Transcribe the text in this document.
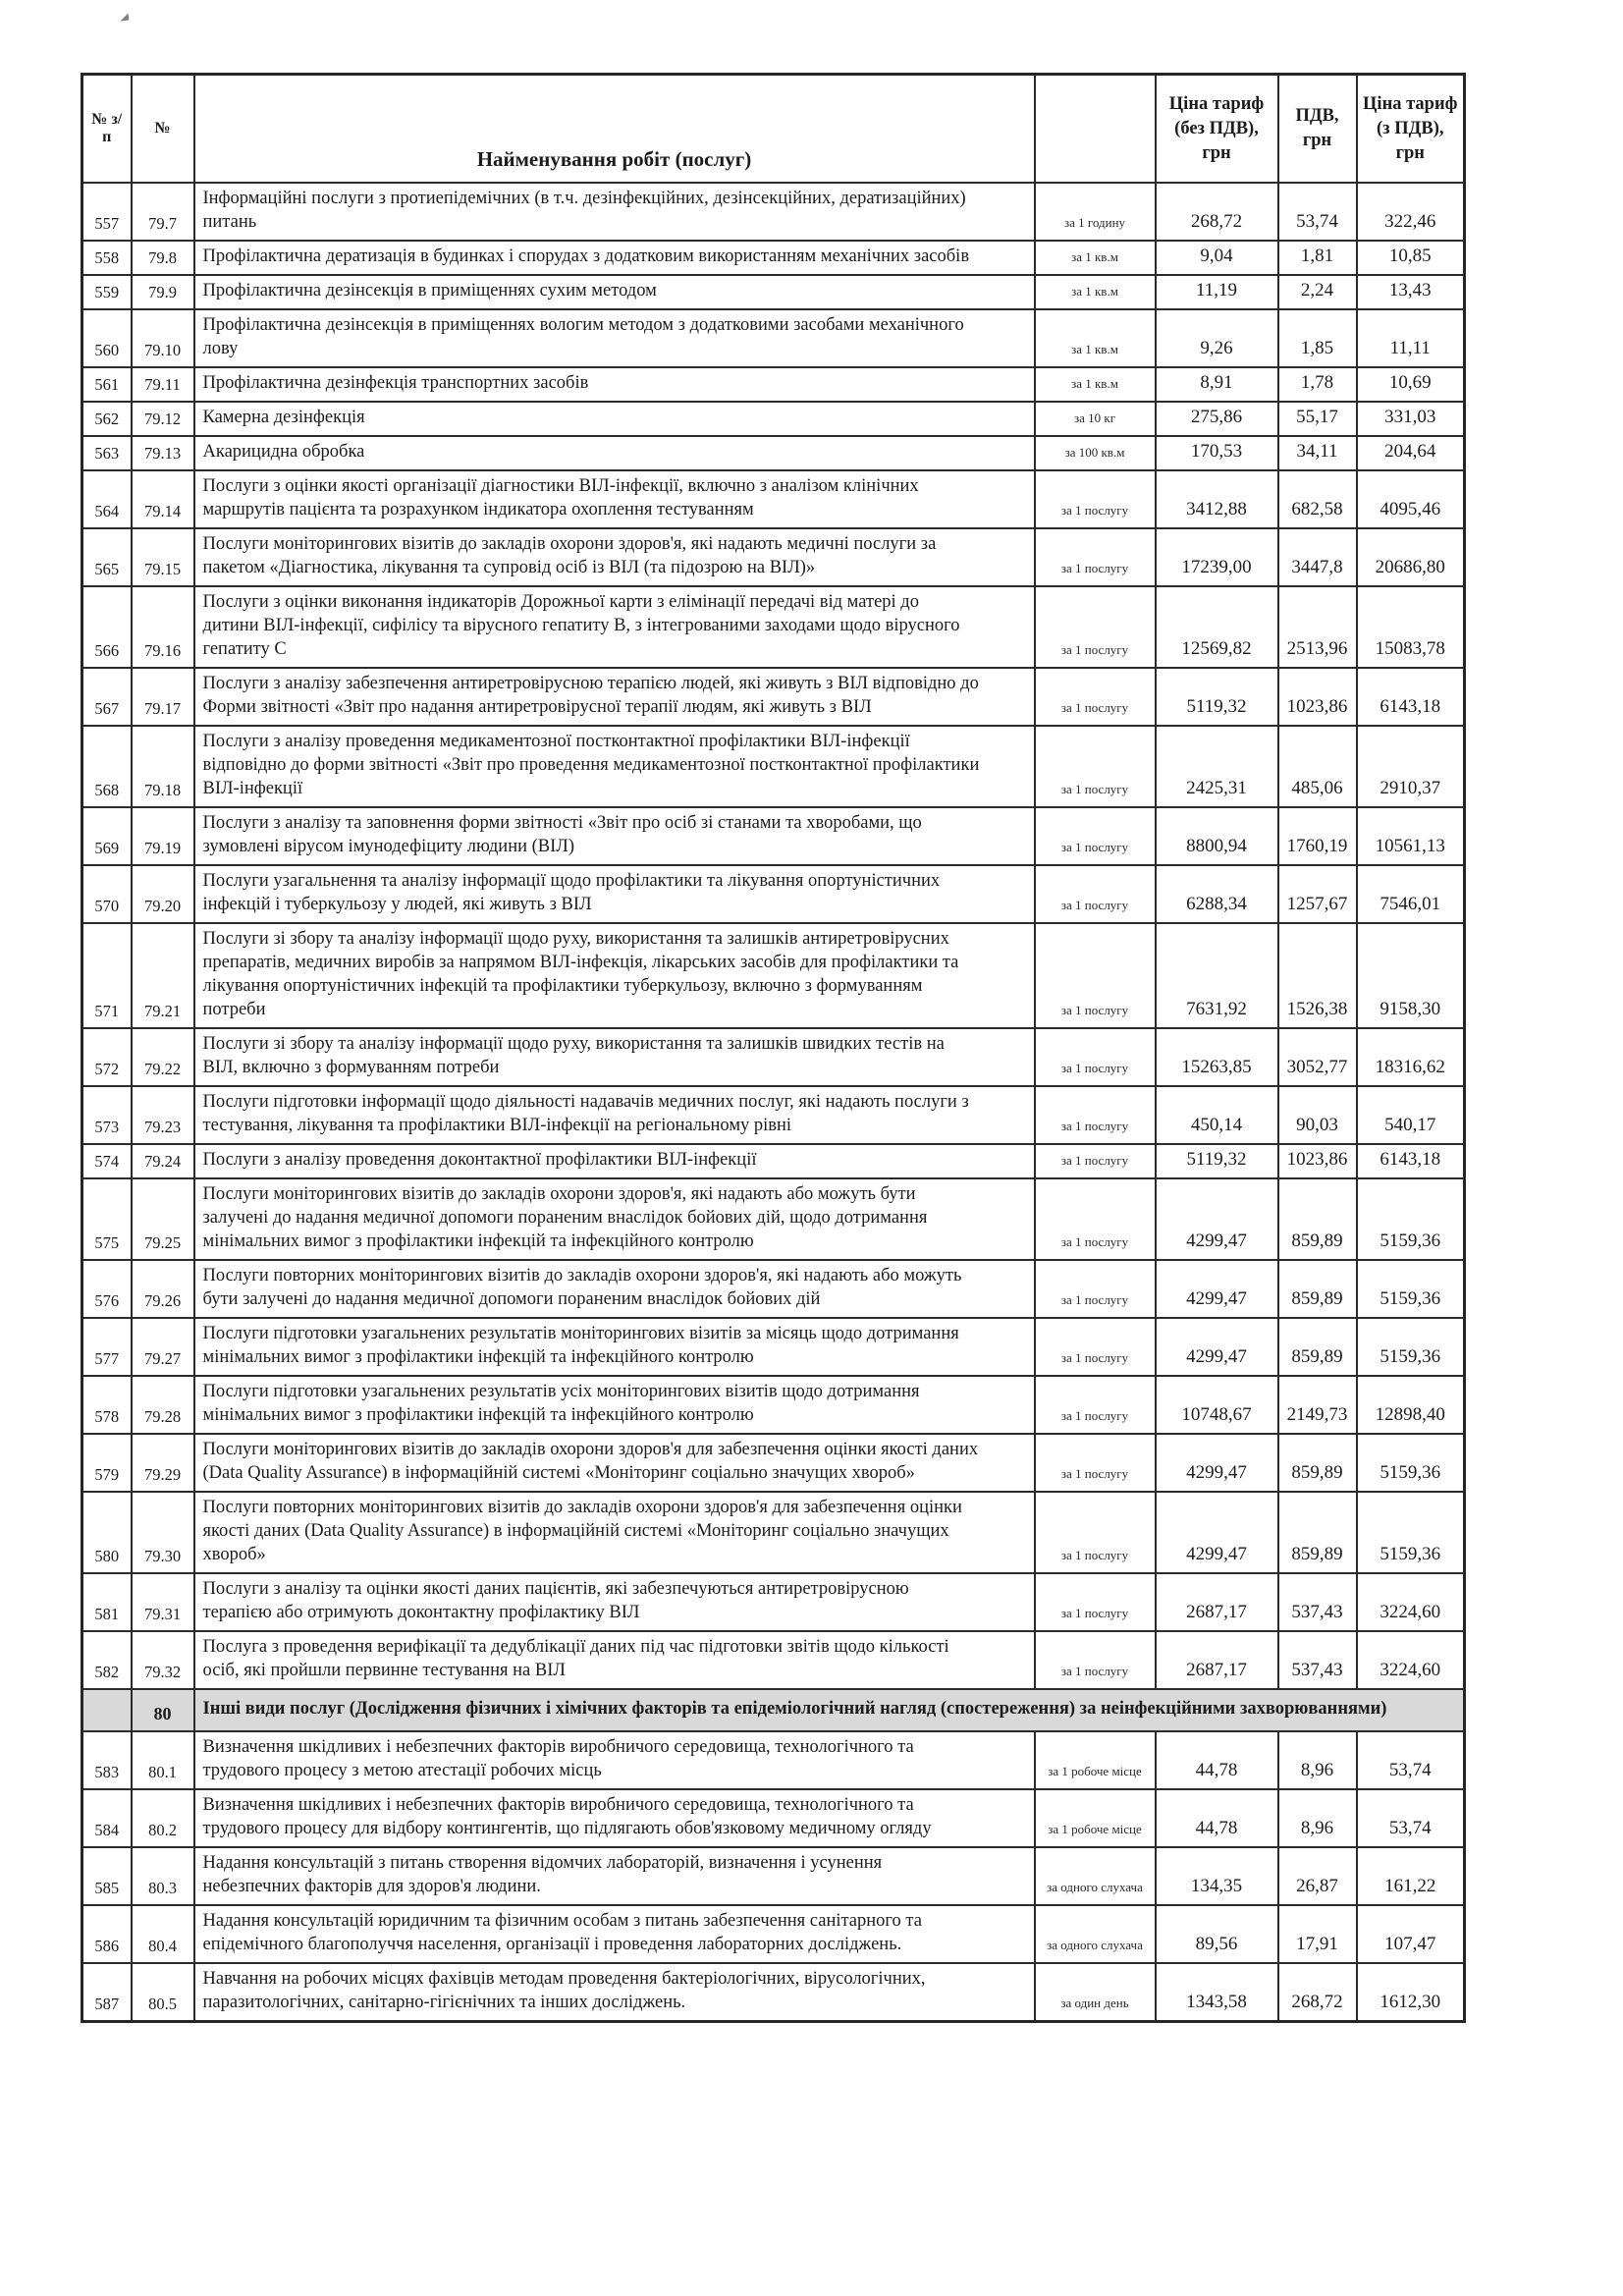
№ з/п	№	Найменування робіт (послуг)		Ціна тариф (без ПДВ), грн	ПДВ, грн	Ціна тариф (з ПДВ), грн
557	79.7	Інформаційні послуги з протиепідемічних (в т.ч. дезінфекційних, дезінсекційних, дератизаційних) питань	за 1 годину	268,72	53,74	322,46
558	79.8	Профілактична дератизація в будинках і спорудах з додатковим використанням механічних засобів	за 1 кв.м	9,04	1,81	10,85
559	79.9	Профілактична дезінсекція в приміщеннях сухим методом	за 1 кв.м	11,19	2,24	13,43
560	79.10	Профілактична дезінсекція в приміщеннях вологим методом з додатковими засобами механічного лову	за 1 кв.м	9,26	1,85	11,11
561	79.11	Профілактична дезінфекція транспортних засобів	за 1 кв.м	8,91	1,78	10,69
562	79.12	Камерна дезінфекція	за 10 кг	275,86	55,17	331,03
563	79.13	Акарицидна обробка	за 100 кв.м	170,53	34,11	204,64
564	79.14	Послуги з оцінки якості організації діагностики ВІЛ-інфекції, включно з аналізом клінічних маршрутів пацієнта та розрахунком індикатора охоплення тестуванням	за 1 послугу	3412,88	682,58	4095,46
565	79.15	Послуги моніторингових візитів до закладів охорони здоров'я, які надають медичні послуги за пакетом «Діагностика, лікування та супровід осіб із ВІЛ (та підозрою на ВІЛ)»	за 1 послугу	17239,00	3447,8	20686,80
566	79.16	Послуги з оцінки виконання індикаторів Дорожньої карти з елімінації передачі від матері до дитини ВІЛ-інфекції, сифілісу та вірусного гепатиту В, з інтегрованими заходами щодо вірусного гепатиту С	за 1 послугу	12569,82	2513,96	15083,78
567	79.17	Послуги з аналізу забезпечення антиретровірусною терапією людей, які живуть з ВІЛ відповідно до Форми звітності «Звіт про надання антиретровірусної терапії людям, які живуть з ВІЛ	за 1 послугу	5119,32	1023,86	6143,18
568	79.18	Послуги з аналізу проведення медикаментозної постконтактної профілактики ВІЛ-інфекції відповідно до форми звітності «Звіт про проведення медикаментозної постконтактної профілактики ВІЛ-інфекції	за 1 послугу	2425,31	485,06	2910,37
569	79.19	Послуги з аналізу та заповнення форми звітності «Звіт про осіб зі станами та хворобами, що зумовлені вірусом імунодефіциту людини (ВІЛ)	за 1 послугу	8800,94	1760,19	10561,13
570	79.20	Послуги узагальнення та аналізу інформації щодо профілактики та лікування опортуністичних інфекцій і туберкульозу у людей, які живуть з ВІЛ	за 1 послугу	6288,34	1257,67	7546,01
571	79.21	Послуги зі збору та аналізу інформації щодо руху, використання та залишків антиретровірусних препаратів, медичних виробів за напрямом ВІЛ-інфекція, лікарських засобів для профілактики та лікування опортуністичних інфекцій та профілактики туберкульозу, включно з формуванням потреби	за 1 послугу	7631,92	1526,38	9158,30
572	79.22	Послуги зі збору та аналізу інформації щодо руху, використання та залишків швидких тестів на ВІЛ, включно з формуванням потреби	за 1 послугу	15263,85	3052,77	18316,62
573	79.23	Послуги підготовки інформації щодо діяльності надавачів медичних послуг, які надають послуги з тестування, лікування та профілактики ВІЛ-інфекції на регіональному рівні	за 1 послугу	450,14	90,03	540,17
574	79.24	Послуги з аналізу проведення доконтактної профілактики ВІЛ-інфекції	за 1 послугу	5119,32	1023,86	6143,18
575	79.25	Послуги моніторингових візитів до закладів охорони здоров'я, які надають або можуть бути залучені до надання медичної допомоги пораненим внаслідок бойових дій, щодо дотримання мінімальних вимог з профілактики інфекцій та інфекційного контролю	за 1 послугу	4299,47	859,89	5159,36
576	79.26	Послуги повторних моніторингових візитів до закладів охорони здоров'я, які надають або можуть бути залучені до надання медичної допомоги пораненим внаслідок бойових дій	за 1 послугу	4299,47	859,89	5159,36
577	79.27	Послуги підготовки узагальнених результатів моніторингових візитів за місяць щодо дотримання мінімальних вимог з профілактики інфекцій та інфекційного контролю	за 1 послугу	4299,47	859,89	5159,36
578	79.28	Послуги підготовки узагальнених результатів усіх моніторингових візитів щодо дотримання мінімальних вимог з профілактики інфекцій та інфекційного контролю	за 1 послугу	10748,67	2149,73	12898,40
579	79.29	Послуги моніторингових візитів до закладів охорони здоров'я для забезпечення оцінки якості даних (Data Quality Assurance) в інформаційній системі «Моніторинг соціально значущих хвороб»	за 1 послугу	4299,47	859,89	5159,36
580	79.30	Послуги повторних моніторингових візитів до закладів охорони здоров'я для забезпечення оцінки якості даних (Data Quality Assurance) в інформаційній системі «Моніторинг соціально значущих хвороб»	за 1 послугу	4299,47	859,89	5159,36
581	79.31	Послуги з аналізу та оцінки якості даних пацієнтів, які забезпечуються антиретровірусною терапією або отримують доконтактну профілактику ВІЛ	за 1 послугу	2687,17	537,43	3224,60
582	79.32	Послуга з проведення верифікації та дедублікації даних під час підготовки звітів щодо кількості осіб, які пройшли первинне тестування на ВІЛ	за 1 послугу	2687,17	537,43	3224,60
	80	Інші види послуг (Дослідження фізичних і хімічних факторів та епідеміологічний нагляд (спостереження) за неінфекційними захворюваннями)				
583	80.1	Визначення шкідливих і небезпечних факторів виробничого середовища, технологічного та трудового процесу з метою атестації робочих місць	за 1 робоче місце	44,78	8,96	53,74
584	80.2	Визначення шкідливих і небезпечних факторів виробничого середовища, технологічного та трудового процесу для відбору контингентів, що підлягають обов'язковому медичному огляду	за 1 робоче місце	44,78	8,96	53,74
585	80.3	Надання консультацій з питань створення відомчих лабораторій, визначення і усунення небезпечних факторів для здоров'я людини.	за одного слухача	134,35	26,87	161,22
586	80.4	Надання консультацій юридичним та фізичним особам з питань забезпечення санітарного та епідемічного благополуччя населення, організації і проведення лабораторних досліджень.	за одного слухача	89,56	17,91	107,47
587	80.5	Навчання на робочих місцях фахівців методам проведення бактеріологічних, вірусологічних, паразитологічних, санітарно-гігієнічних та інших досліджень.	за один день	1343,58	268,72	1612,30
